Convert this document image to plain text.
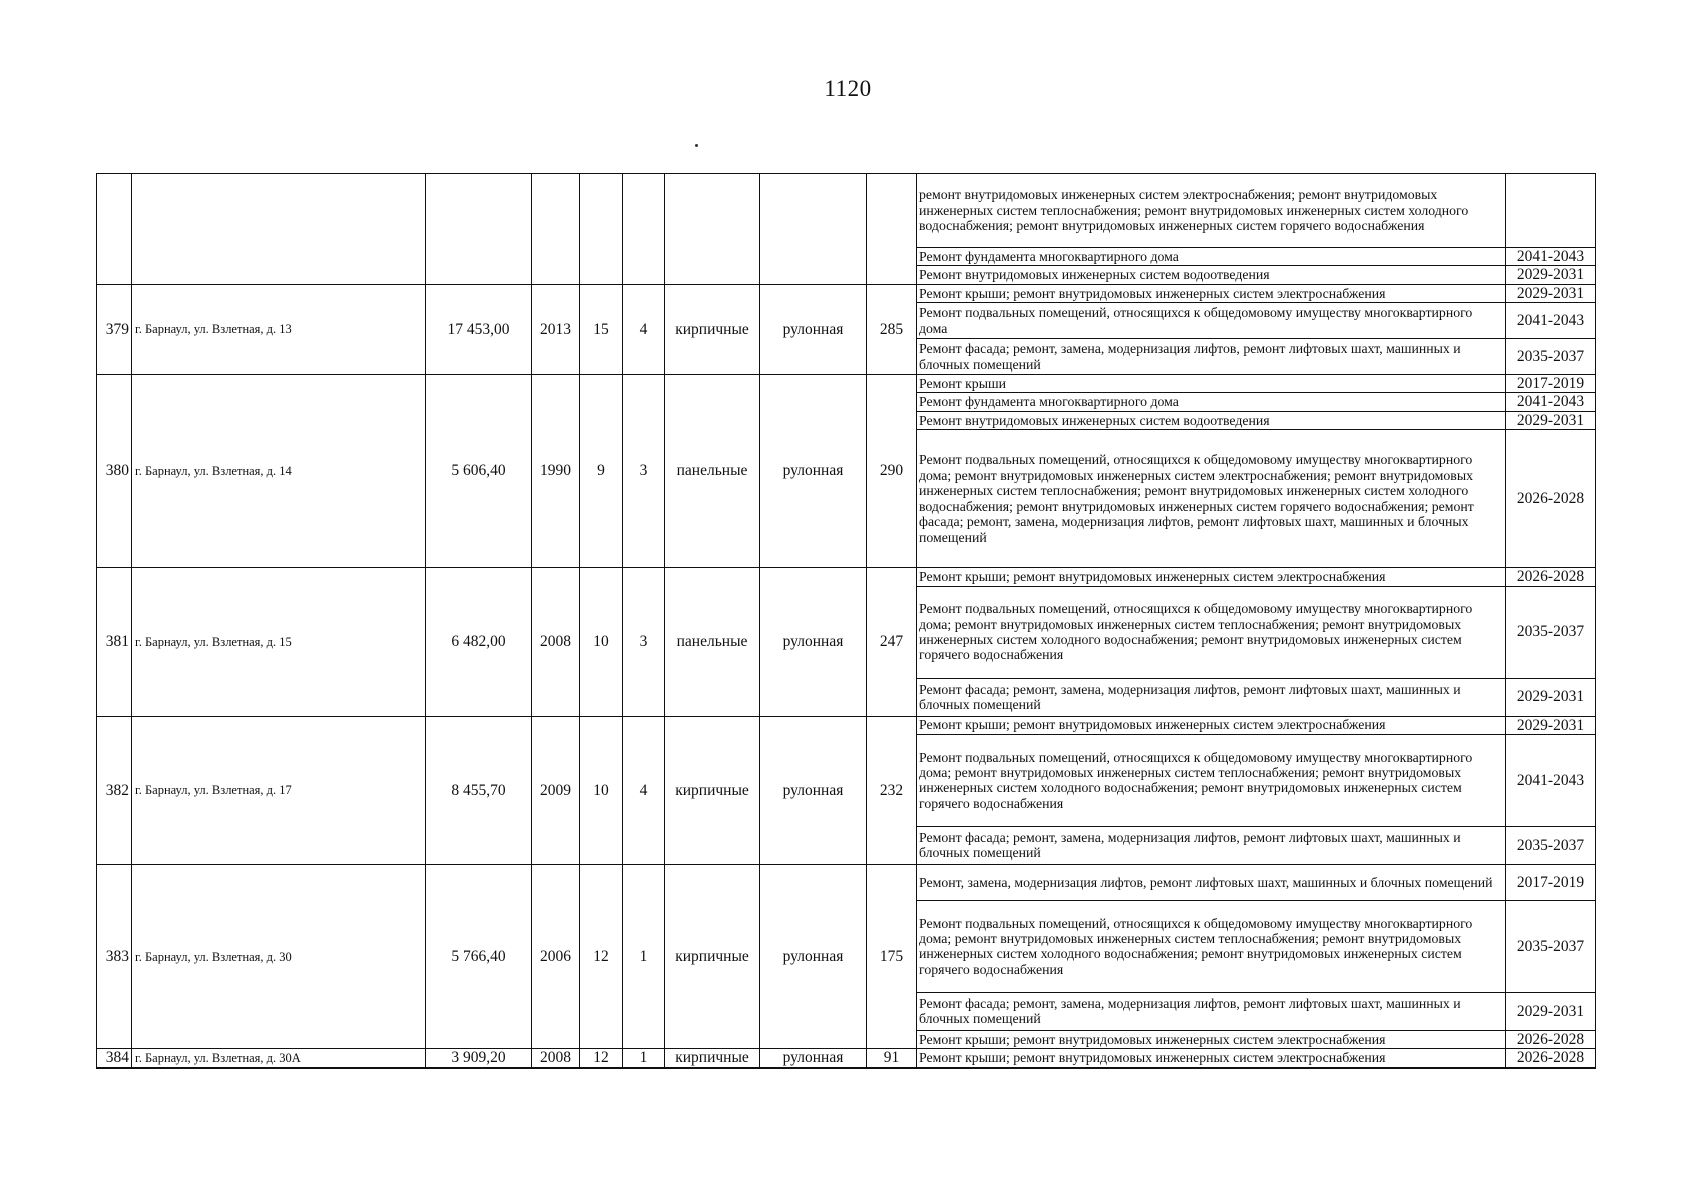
1120
									ремонт внутридомовых инженерных систем электроснабжения; ремонт внутридомовых инженерных систем теплоснабжения; ремонт внутридомовых инженерных систем холодного водоснабжения; ремонт внутридомовых инженерных систем горячего водоснабжения	
									Ремонт фундамента многоквартирного дома	2041-2043
									Ремонт внутридомовых инженерных систем водоотведения	2029-2031
379	г. Барнаул, ул. Взлетная, д. 13	17 453,00	2013	15	4	кирпичные	рулонная	285	Ремонт крыши; ремонт внутридомовых инженерных систем электроснабжения	2029-2031
									Ремонт подвальных помещений, относящихся к общедомовому имуществу многоквартирного дома	2041-2043
									Ремонт фасада; ремонт, замена, модернизация лифтов, ремонт лифтовых шахт, машинных и блочных помещений	2035-2037
380	г. Барнаул, ул. Взлетная, д. 14	5 606,40	1990	9	3	панельные	рулонная	290	Ремонт крыши	2017-2019
									Ремонт фундамента многоквартирного дома	2041-2043
									Ремонт внутридомовых инженерных систем водоотведения	2029-2031
									Ремонт подвальных помещений, относящихся к общедомовому имуществу многоквартирного дома; ремонт внутридомовых инженерных систем электроснабжения; ремонт внутридомовых инженерных систем теплоснабжения; ремонт внутридомовых инженерных систем холодного водоснабжения; ремонт внутридомовых инженерных систем горячего водоснабжения; ремонт фасада; ремонт, замена, модернизация лифтов, ремонт лифтовых шахт, машинных и блочных помещений	2026-2028
381	г. Барнаул, ул. Взлетная, д. 15	6 482,00	2008	10	3	панельные	рулонная	247	Ремонт крыши; ремонт внутридомовых инженерных систем электроснабжения	2026-2028
									Ремонт подвальных помещений, относящихся к общедомовому имуществу многоквартирного дома; ремонт внутридомовых инженерных систем теплоснабжения; ремонт внутридомовых инженерных систем холодного водоснабжения; ремонт внутридомовых инженерных систем горячего водоснабжения	2035-2037
									Ремонт фасада; ремонт, замена, модернизация лифтов, ремонт лифтовых шахт, машинных и блочных помещений	2029-2031
382	г. Барнаул, ул. Взлетная, д. 17	8 455,70	2009	10	4	кирпичные	рулонная	232	Ремонт крыши; ремонт внутридомовых инженерных систем электроснабжения	2029-2031
									Ремонт подвальных помещений, относящихся к общедомовому имуществу многоквартирного дома; ремонт внутридомовых инженерных систем теплоснабжения; ремонт внутридомовых инженерных систем холодного водоснабжения; ремонт внутридомовых инженерных систем горячего водоснабжения	2041-2043
									Ремонт фасада; ремонт, замена, модернизация лифтов, ремонт лифтовых шахт, машинных и блочных помещений	2035-2037
383	г. Барнаул, ул. Взлетная, д. 30	5 766,40	2006	12	1	кирпичные	рулонная	175	Ремонт, замена, модернизация лифтов, ремонт лифтовых шахт, машинных и блочных помещений	2017-2019
									Ремонт подвальных помещений, относящихся к общедомовому имуществу многоквартирного дома; ремонт внутридомовых инженерных систем теплоснабжения; ремонт внутридомовых инженерных систем холодного водоснабжения; ремонт внутридомовых инженерных систем горячего водоснабжения	2035-2037
									Ремонт фасада; ремонт, замена, модернизация лифтов, ремонт лифтовых шахт, машинных и блочных помещений	2029-2031
									Ремонт крыши; ремонт внутридомовых инженерных систем электроснабжения	2026-2028
384	г. Барнаул, ул. Взлетная, д. 30А	3 909,20	2008	12	1	кирпичные	рулонная	91	Ремонт крыши; ремонт внутридомовых инженерных систем электроснабжения	2026-2028
